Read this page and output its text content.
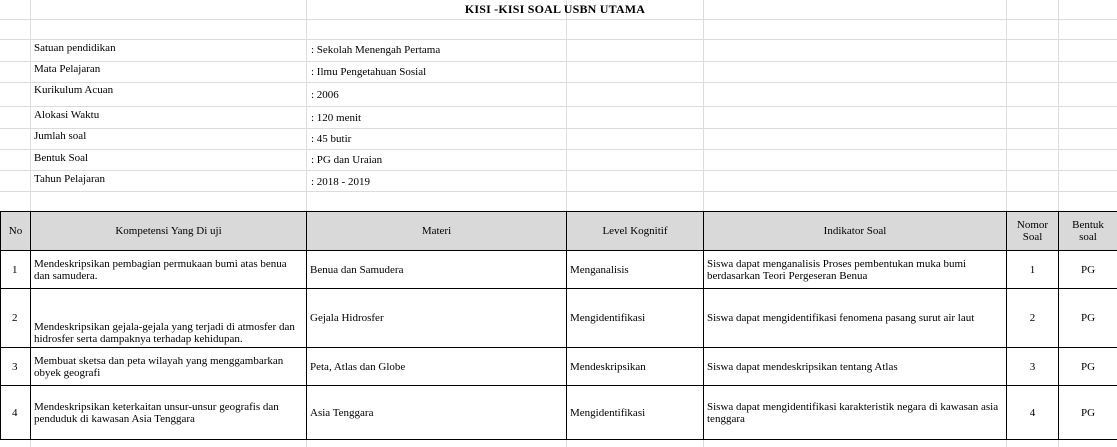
KISI -KISI SOAL USBN UTAMA
Satuan pendidikan	: Sekolah Menengah Pertama
Mata Pelajaran	: Ilmu Pengetahuan Sosial
Kurikulum Acuan	: 2006
Alokasi Waktu	: 120 menit
Jumlah soal	: 45 butir
Bentuk Soal	: PG dan Uraian
Tahun Pelajaran	: 2018 - 2019
No	Kompetensi Yang Di uji	Materi	Level Kognitif	Indikator Soal	Nomor Soal	Bentuk soal
1	Mendeskripsikan pembagian permukaan bumi atas benua dan samudera.	Benua dan Samudera	Menganalisis	Siswa dapat menganalisis Proses pembentukan muka bumi berdasarkan Teori Pergeseran Benua	1	PG
2	Mendeskripsikan gejala-gejala yang terjadi di atmosfer dan hidrosfer serta dampaknya terhadap kehidupan.	Gejala Hidrosfer	Mengidentifikasi	Siswa dapat mengidentifikasi fenomena pasang surut air laut	2	PG
3	Membuat sketsa dan peta wilayah yang menggambarkan obyek geografi	Peta, Atlas dan Globe	Mendeskripsikan	Siswa dapat mendeskripsikan tentang Atlas	3	PG
4	Mendeskripsikan keterkaitan unsur-unsur geografis dan penduduk di kawasan Asia Tenggara	Asia Tenggara	Mengidentifikasi	Siswa dapat mengidentifikasi karakteristik negara di kawasan asia tenggara	4	PG
